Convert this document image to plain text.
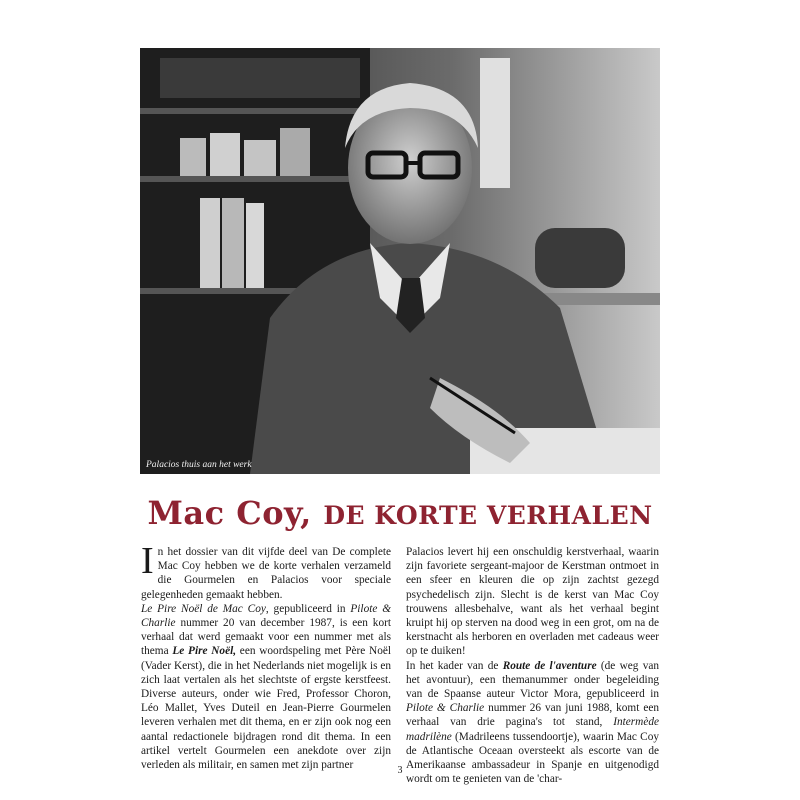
Palacios thuis aan het werk
Mac Coy, DE KORTE VERHALEN

In het dossier van dit vijfde deel van De complete Mac Coy hebben we de korte verhalen verzameld die Gourmelen en Palacios voor speciale gelegenheden gemaakt hebben.

Le Pire Noël de Mac Coy, gepubliceerd in Pilote & Charlie nummer 20 van december 1987, is een kort verhaal dat werd gemaakt voor een nummer met als thema Le Pire Noël, een woordspeling met Père Noël (Vader Kerst), die in het Nederlands niet mogelijk is en zich laat vertalen als het slechtste of ergste kerstfeest. Diverse auteurs, onder wie Fred, Professor Choron, Léo Mallet, Yves Duteil en Jean-Pierre Gourmelen leveren verhalen met dit thema, en er zijn ook nog een aantal redactionele bijdragen rond dit thema. In een artikel vertelt Gourmelen een anekdote over zijn verleden als militair, en samen met zijn partner

Palacios levert hij een onschuldig kerstverhaal, waarin zijn favoriete sergeant-majoor de Kerstman ontmoet in een sfeer en kleuren die op zijn zachtst gezegd psychedelisch zijn. Slecht is de kerst van Mac Coy trouwens allesbehalve, want als het verhaal begint kruipt hij op sterven na dood weg in een grot, om na de kerstnacht als herboren en overladen met cadeaus weer op te duiken!

In het kader van de Route de l'aventure (de weg van het avontuur), een themanummer onder begeleiding van de Spaanse auteur Victor Mora, gepubliceerd in Pilote & Charlie nummer 26 van juni 1988, komt een verhaal van drie pagina's tot stand, Intermède madrilène (Madrileens tussendoortje), waarin Mac Coy de Atlantische Oceaan oversteekt als escorte van de Amerikaanse ambassadeur in Spanje en uitgenodigd wordt om te genieten van de 'char-

3
